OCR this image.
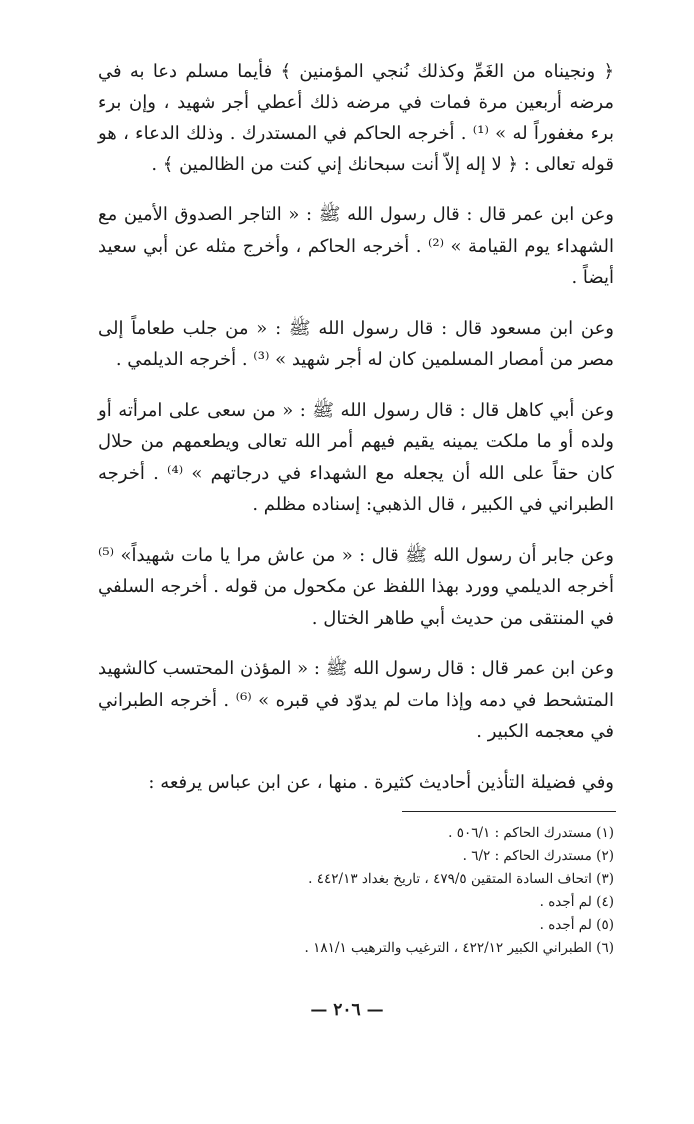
﴿ ونجيناه من الغَمِّ وكذلك نُنجي المؤمنين ﴾ فأيما مسلم دعا به في مرضه أربعين مرة فمات في مرضه ذلك أعطي أجر شهيد ، وإن برء برء مغفوراً له » ⁽¹⁾ . أخرجه الحاكم في المستدرك . وذلك الدعاء ، هو قوله تعالى : ﴿ لا إله إلاّ أنت سبحانك إني كنت من الظالمين ﴾ .

وعن ابن عمر قال : قال رسول الله ﷺ : « التاجر الصدوق الأمين مع الشهداء يوم القيامة » ⁽²⁾ . أخرجه الحاكم ، وأخرج مثله عن أبي سعيد أيضاً .

وعن ابن مسعود قال : قال رسول الله ﷺ : « من جلب طعاماً إلى مصر من أمصار المسلمين كان له أجر شهيد » ⁽³⁾ . أخرجه الديلمي .

وعن أبي كاهل قال : قال رسول الله ﷺ : « من سعى على امرأته أو ولده أو ما ملكت يمينه يقيم فيهم أمر الله تعالى ويطعمهم من حلال كان حقاً على الله أن يجعله مع الشهداء في درجاتهم » ⁽⁴⁾ . أخرجه الطبراني في الكبير ، قال الذهبي: إسناده مظلم .

وعن جابر أن رسول الله ﷺ قال : « من عاش مرا يا مات شهيداً» ⁽⁵⁾ أخرجه الديلمي وورد بهذا اللفظ عن مكحول من قوله . أخرجه السلفي في المنتقى من حديث أبي طاهر الختال .

وعن ابن عمر قال : قال رسول الله ﷺ : « المؤذن المحتسب كالشهيد المتشحط في دمه وإذا مات لم يدوّد في قبره » ⁽⁶⁾ . أخرجه الطبراني في معجمه الكبير .

وفي فضيلة التأذين أحاديث كثيرة . منها ، عن ابن عباس يرفعه :

(١) مستدرك الحاكم : ٥٠٦/١ .
(٢) مستدرك الحاكم : ٦/٢ .
(٣) اتحاف السادة المتقين ٤٧٩/٥ ، تاريخ بغداد ٤٤٢/١٣ .
(٤) لم أجده .
(٥) لم أجده .
(٦) الطبراني الكبير ٤٢٢/١٢ ، الترغيب والترهيب ١٨١/١ .
— ٢٠٦ —
